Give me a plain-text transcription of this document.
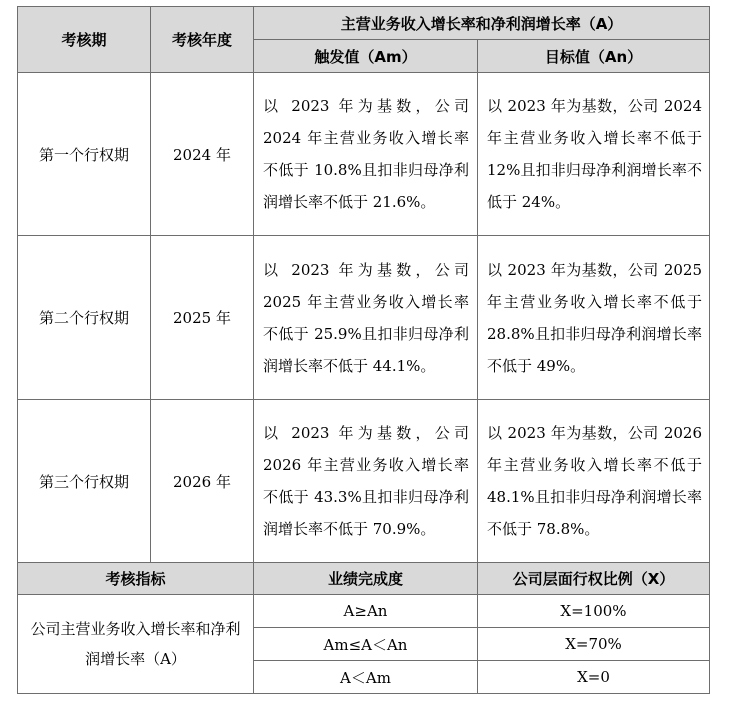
考核期	考核年度	主营业务收入增长率和净利润增长率（A）	
		触发值（Am）	目标值（An）
第一个行权期	2024 年	以 2023 年为基数，公司 2024 年主营业务收入增长率不低于 10.8%且扣非归母净利润增长率不低于 21.6%。	以 2023 年为基数，公司 2024 年主营业务收入增长率不低于 12%且扣非归母净利润增长率不低于 24%。
第二个行权期	2025 年	以 2023 年为基数，公司 2025 年主营业务收入增长率不低于 25.9%且扣非归母净利润增长率不低于 44.1%。	以 2023 年为基数，公司 2025 年主营业务收入增长率不低于 28.8%且扣非归母净利润增长率不低于 49%。
第三个行权期	2026 年	以 2023 年为基数，公司 2026 年主营业务收入增长率不低于 43.3%且扣非归母净利润增长率不低于 70.9%。	以 2023 年为基数，公司 2026 年主营业务收入增长率不低于 48.1%且扣非归母净利润增长率不低于 78.8%。
考核指标		业绩完成度	公司层面行权比例（X）
公司主营业务收入增长率和净利润增长率（A）		A≥An	X=100%
		Am≤A＜An	X=70%
		A＜Am	X=0
